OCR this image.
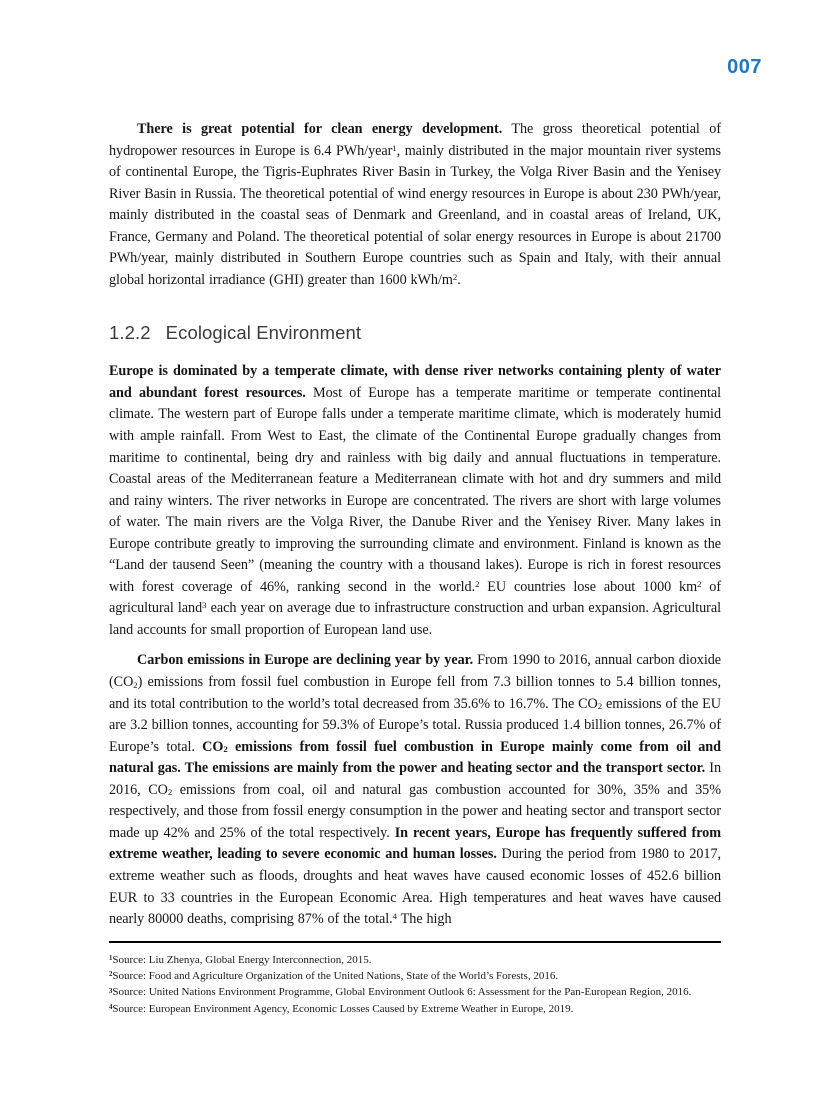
007

There is great potential for clean energy development. The gross theoretical potential of hydropower resources in Europe is 6.4 PWh/year$^1$, mainly distributed in the major mountain river systems of continental Europe, the Tigris-Euphrates River Basin in Turkey, the Volga River Basin and the Yenisey River Basin in Russia. The theoretical potential of wind energy resources in Europe is about 230 PWh/year, mainly distributed in the coastal seas of Denmark and Greenland, and in coastal areas of Ireland, UK, France, Germany and Poland. The theoretical potential of solar energy resources in Europe is about 21700 PWh/year, mainly distributed in Southern Europe countries such as Spain and Italy, with their annual global horizontal irradiance (GHI) greater than 1600 kWh/$m^2$.

1.2.2 Ecological Environment

Europe is dominated by a temperate climate, with dense river networks containing plenty of water and abundant forest resources. Most of Europe has a temperate maritime or temperate continental climate. The western part of Europe falls under a temperate maritime climate, which is moderately humid with ample rainfall. From West to East, the climate of the Continental Europe gradually changes from maritime to continental, being dry and rainless with big daily and annual fluctuations in temperature. Coastal areas of the Mediterranean feature a Mediterranean climate with hot and dry summers and mild and rainy winters. The river networks in Europe are concentrated. The rivers are short with large volumes of water. The main rivers are the Volga River, the Danube River and the Yenisey River. Many lakes in Europe contribute greatly to improving the surrounding climate and environment. Finland is known as the “Land der tausend Seen” (meaning the country with a thousand lakes). Europe is rich in forest resources with forest coverage of 46%, ranking second in the world.$^2$ EU countries lose about 1000 $km^2$ of agricultural land$^3$ each year on average due to infrastructure construction and urban expansion. Agricultural land accounts for small proportion of European land use.

Carbon emissions in Europe are declining year by year. From 1990 to 2016, annual carbon dioxide $(CO_2)$ emissions from fossil fuel combustion in Europe fell from 7.3 billion tonnes to 5.4 billion tonnes, and its total contribution to the world’s total decreased from 35.6% to 16.7%. The $CO_2$ emissions of the EU are 3.2 billion tonnes, accounting for 59.3% of Europe’s total. Russia produced 1.4 billion tonnes, 26.7% of Europe’s total. $CO_2$ emissions from fossil fuel combustion in Europe mainly come from oil and natural gas. The emissions are mainly from the power and heating sector and the transport sector. In 2016, $CO_2$ emissions from coal, oil and natural gas combustion accounted for 30%, 35% and 35% respectively, and those from fossil energy consumption in the power and heating sector and transport sector made up 42% and 25% of the total respectively. In recent years, Europe has frequently suffered from extreme weather, leading to severe economic and human losses. During the period from 1980 to 2017, extreme weather such as floods, droughts and heat waves have caused economic losses of 452.6 billion EUR to 33 countries in the European Economic Area. High temperatures and heat waves have caused nearly 80000 deaths, comprising 87% of the total.$^4$ The high

$^1$Source: Liu Zhenya, Global Energy Interconnection, 2015.
$^2$Source: Food and Agriculture Organization of the United Nations, State of the World’s Forests, 2016.
$^3$Source: United Nations Environment Programme, Global Environment Outlook 6: Assessment for the Pan-European Region, 2016.
$^4$Source: European Environment Agency, Economic Losses Caused by Extreme Weather in Europe, 2019.
